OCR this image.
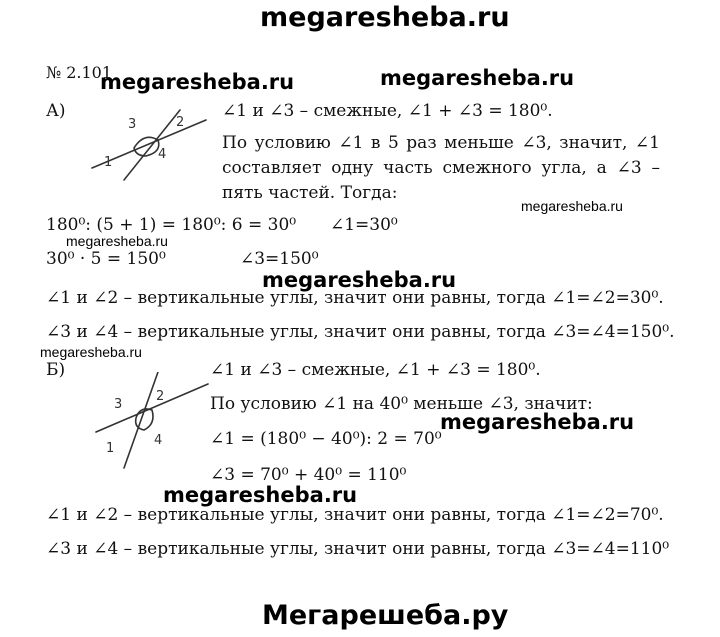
megaresheba.ru
Мегарешеба.ру
megaresheba.ru	megaresheba.ru
megaresheba.ru
megaresheba.ru
megaresheba.ru
megaresheba.ru
megaresheba.ru
megaresheba.ru
№ 2.101
А)
1
2
3
4
∠1 и ∠3 – смежные, ∠1 + ∠3 = 180⁰.
По условию ∠1 в 5 раз меньше ∠3, значит, ∠1 составляет одну часть смежного угла, а ∠3 – пять частей. Тогда:
180⁰: (5 + 1) = 180⁰: 6 = 30⁰ ∠1=30⁰
30⁰ · 5 = 150⁰	∠3=150⁰
∠1 и ∠2 – вертикальные углы, значит они равны, тогда ∠1=∠2=30⁰.
∠3 и ∠4 – вертикальные углы, значит они равны, тогда ∠3=∠4=150⁰.
Б)	∠1 и ∠3 – смежные, ∠1 + ∠3 = 180⁰.
1
2
3
4
По условию ∠1 на 40⁰ меньше ∠3, значит:
∠1 = (180⁰ − 40⁰): 2 = 70⁰
∠3 = 70⁰ + 40⁰ = 110⁰
∠1 и ∠2 – вертикальные углы, значит они равны, тогда ∠1=∠2=70⁰.
∠3 и ∠4 – вертикальные углы, значит они равны, тогда ∠3=∠4=110⁰
